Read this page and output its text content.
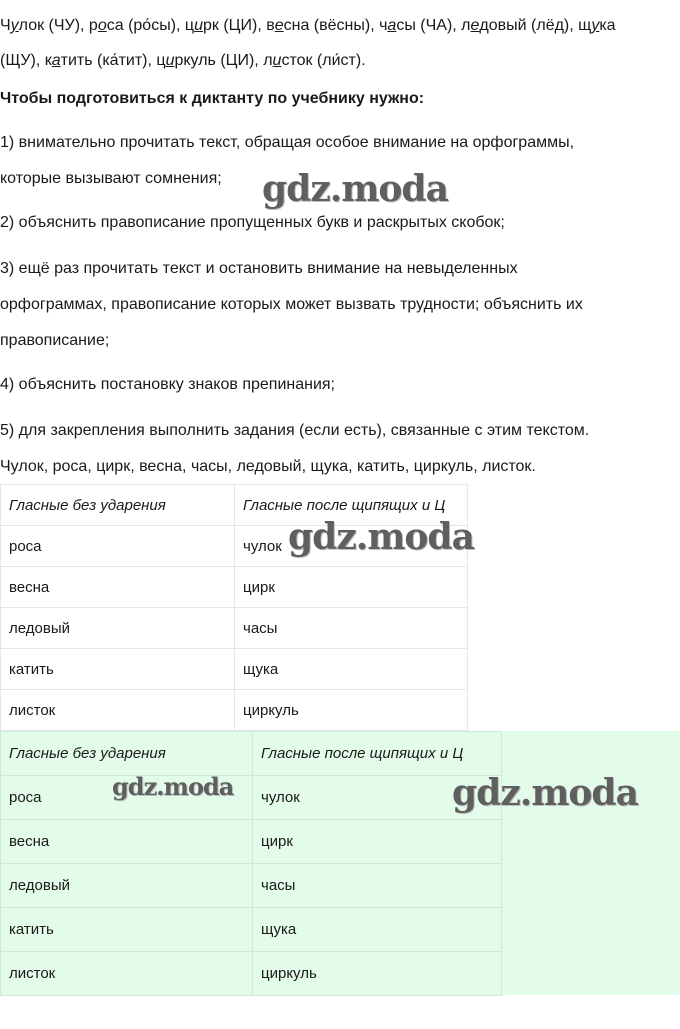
Чулок (ЧУ), роса (ро́сы), цирк (ЦИ), весна (вёсны), часы (ЧА), ледовый (лёд), щука
(ЩУ), катить (ка́тит), циркуль (ЦИ), листок (ли́ст).
Чтобы подготовиться к диктанту по учебнику нужно:
1) внимательно прочитать текст, обращая особое внимание на орфограммы,
которые вызывают сомнения;
2) объяснить правописание пропущенных букв и раскрытых скобок;
3) ещё раз прочитать текст и остановить внимание на невыделенных
орфограммах, правописание которых может вызвать трудности; объяснить их
правописание;
4) объяснить постановку знаков препинания;
5) для закрепления выполнить задания (если есть), связанные с этим текстом.
Чулок, роса, цирк, весна, часы, ледовый, щука, катить, циркуль, листок.
Гласные без ударения	Гласные после щипящих и Ц
роса	чулок
весна	цирк
ледовый	часы
катить	щука
листок	циркуль
Гласные без ударения	Гласные после щипящих и Ц
роса	чулок
весна	цирк
ледовый	часы
катить	щука
листок	циркуль
gdz.moda
gdz.moda
gdz.moda	gdz.moda
